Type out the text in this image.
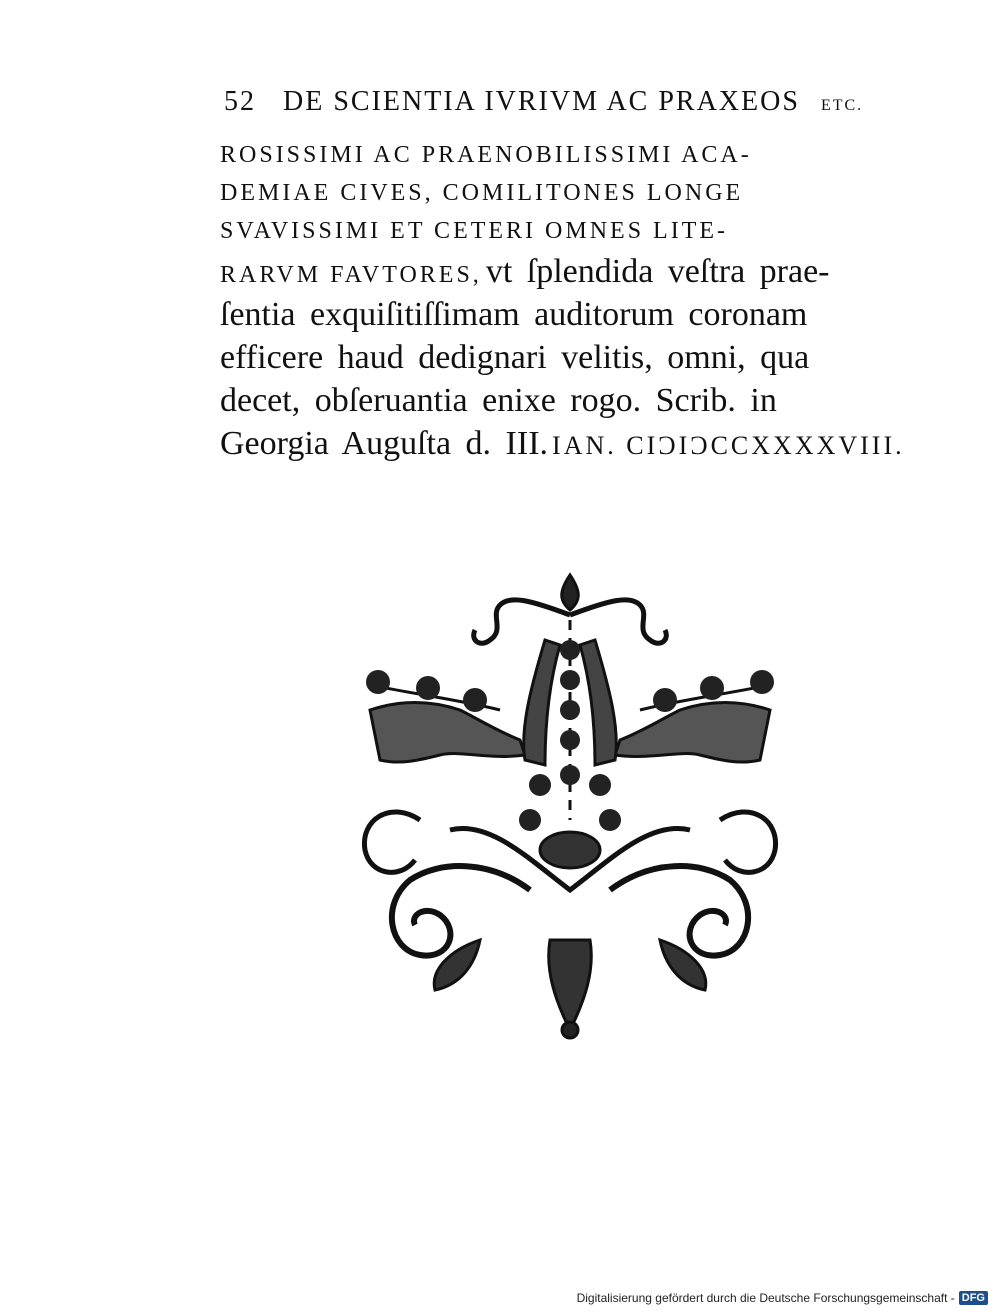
52 DE SCIENTIA IVRIVM AC PRAXEOS ETC.
ROSISSIMI AC PRAENOBILISSIMI ACA-
DEMIAE CIVES, COMILITONES LONGE
SVAVISSIMI ET CETERI OMNES LITE-
RARVM FAVTORES, vt ſplendida veſtra prae-
ſentia exquiſitiſſimam auditorum coronam
efficere haud dedignari velitis, omni, qua
decet, obſeruantia enixe rogo. Scrib. in
Georgia Auguſta d. III. IAN. CIƆIƆCCXXXXVIII.
Digitalisierung gefördert durch die Deutsche Forschungsgemeinschaft - DFG
